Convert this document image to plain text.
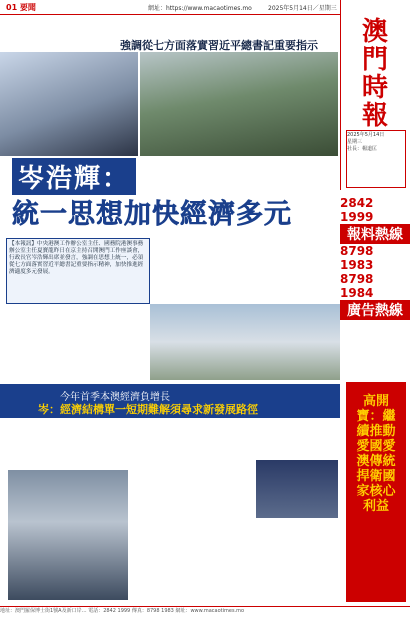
01 要聞	網址：https://www.macaotimes.mo	2025年5月14日／星期三
強調從七方面落實習近平總書記重要指示
岑浩輝：
統一思想加快經濟多元
【本報訊】中央港澳工作辦公室主任、國務院港澳事務辦公室主任夏寶龍昨日在京主持召開澳門工作座談會，行政長官岑浩輝出席並發言，強調在思想上統一，必須從七方面落實習近平總書記重要指示精神，加快推進經濟適度多元發展。
澳
門
時
報
2025年5月14日
星期三
社長：楊道匡
2842 1999
報料熱線
8798 1983
8798 1984
廣告熱線
今年首季本澳經濟負增長
岑：經濟結構單一短期難解須尋求新發展路徑
高開寶：繼續推動愛國愛澳傳統捍衛國家核心利益
地址：澳門羅保博士街1號A及新口岸… 電話：2842 1999 傳真：8798 1983 網址：www.macaotimes.mo
